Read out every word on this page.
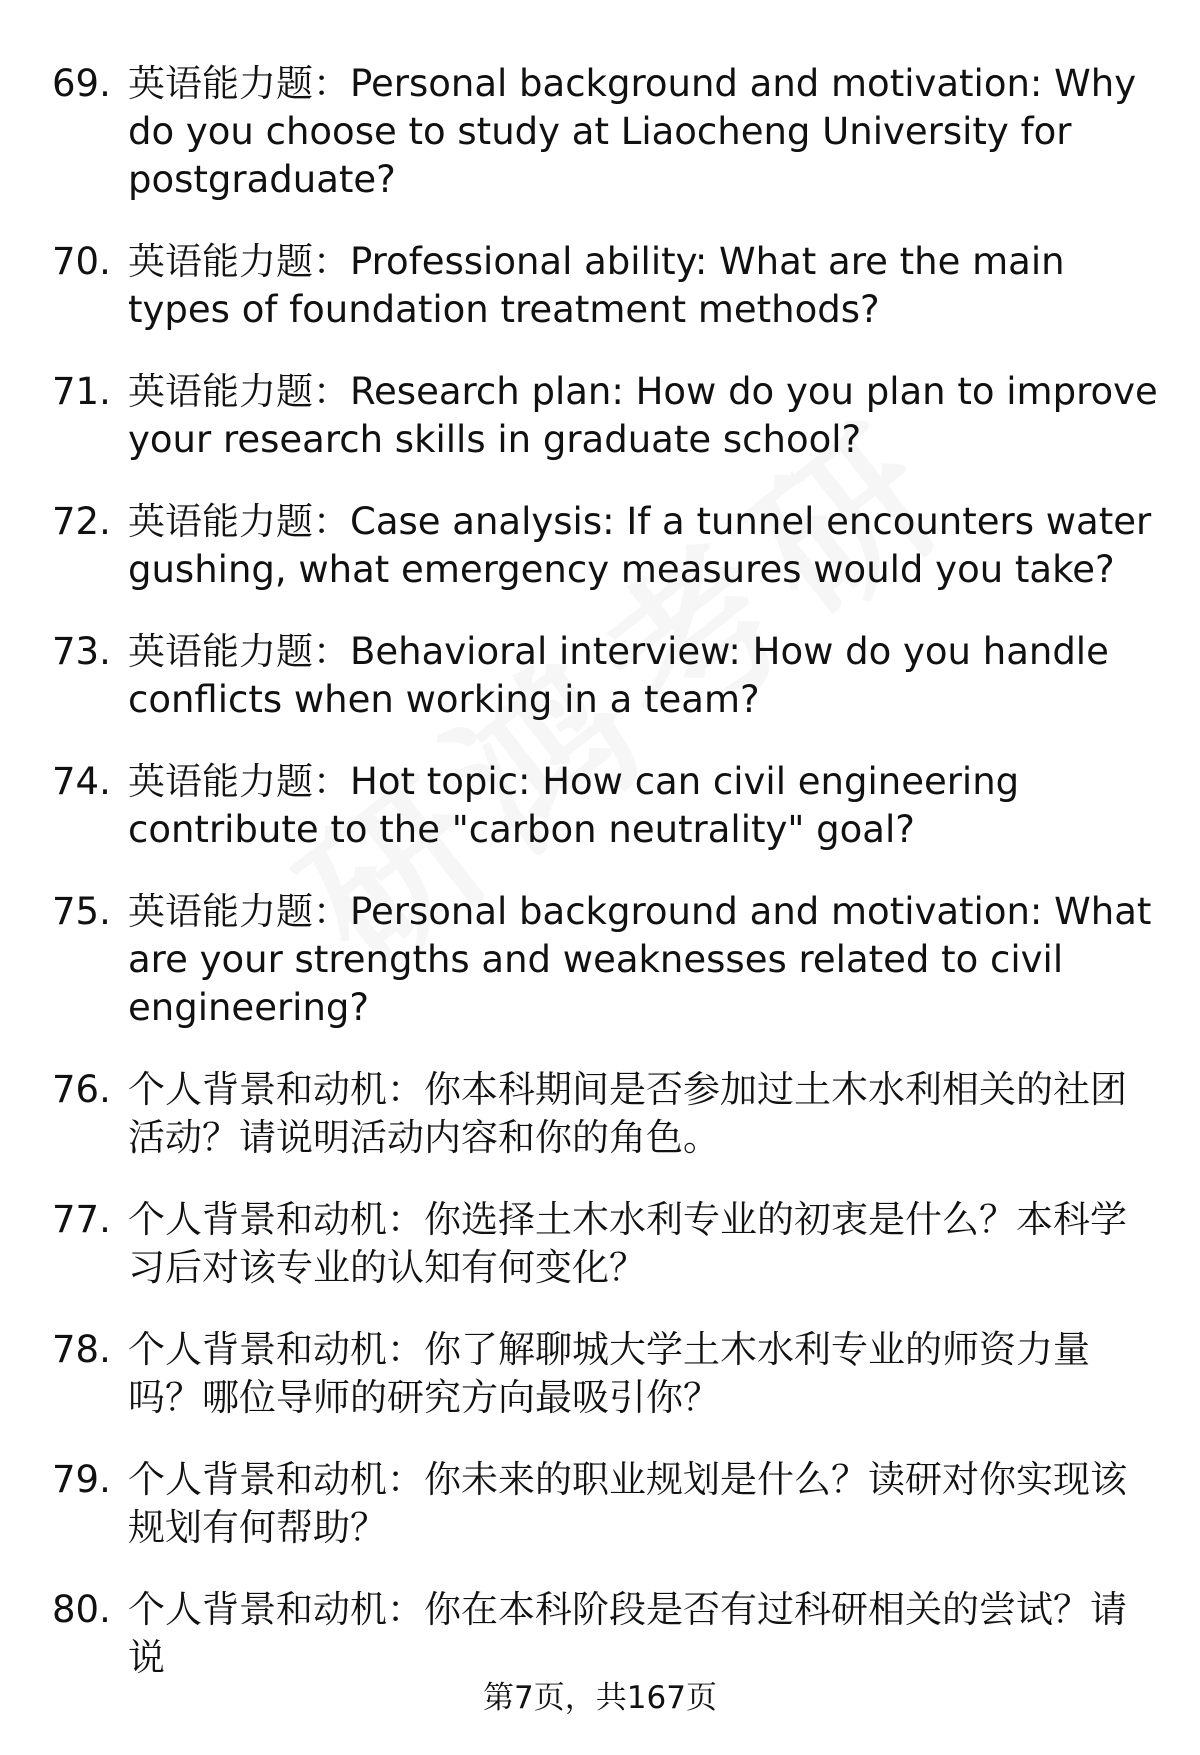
69. 英语能力题：Personal background and motivation: Why do you choose to study at Liaocheng University for postgraduate?
70. 英语能力题：Professional ability: What are the main types of foundation treatment methods?
71. 英语能力题：Research plan: How do you plan to improve your research skills in graduate school?
72. 英语能力题：Case analysis: If a tunnel encounters water gushing, what emergency measures would you take?
73. 英语能力题：Behavioral interview: How do you handle conflicts when working in a team?
74. 英语能力题：Hot topic: How can civil engineering contribute to the "carbon neutrality" goal?
75. 英语能力题：Personal background and motivation: What are your strengths and weaknesses related to civil engineering?
76. 个人背景和动机：你本科期间是否参加过土木水利相关的社团活动？请说明活动内容和你的角色。
77. 个人背景和动机：你选择土木水利专业的初衷是什么？本科学习后对该专业的认知有何变化？
78. 个人背景和动机：你了解聊城大学土木水利专业的师资力量吗？哪位导师的研究方向最吸引你？
79. 个人背景和动机：你未来的职业规划是什么？读研对你实现该规划有何帮助？
80. 个人背景和动机：你在本科阶段是否有过科研相关的尝试？请说
第7页，共167页
